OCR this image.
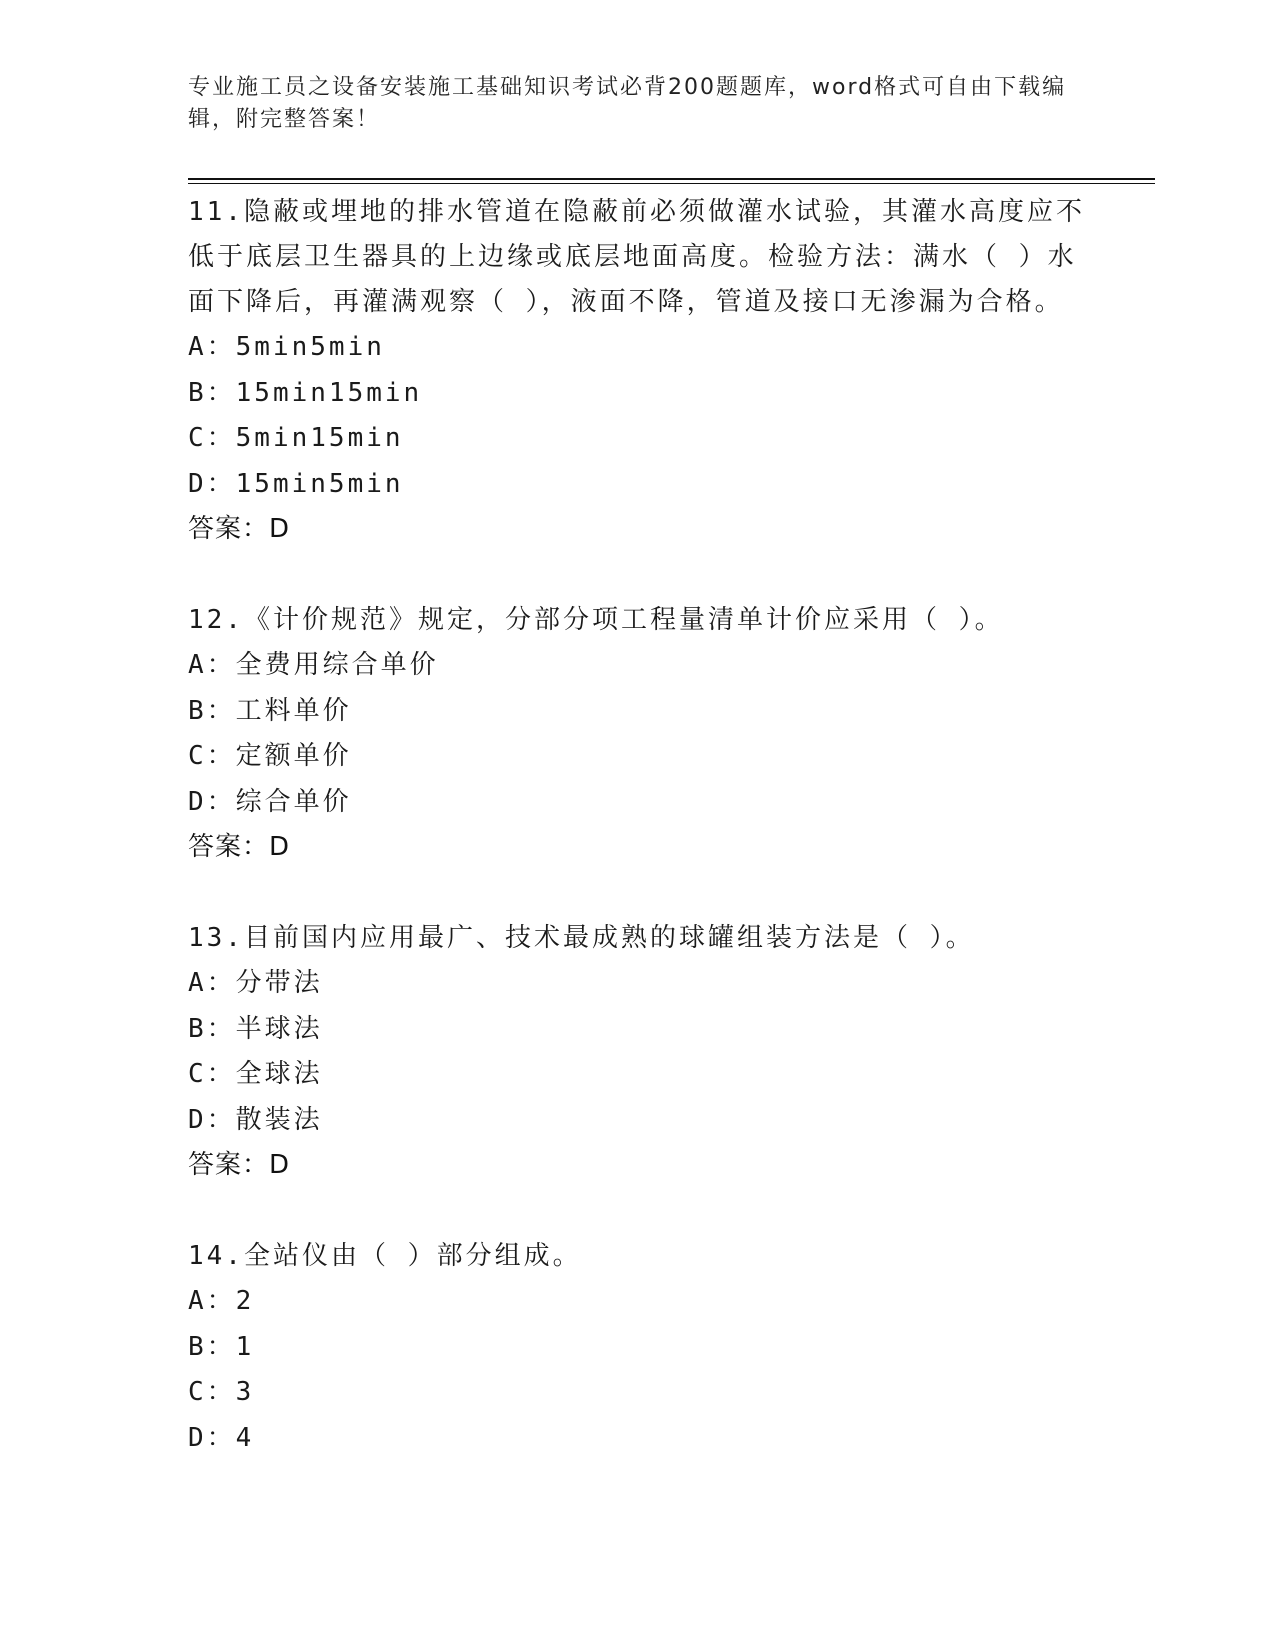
专业施工员之设备安装施工基础知识考试必背200题题库，word格式可自由下载编辑，附完整答案！

11.隐蔽或埋地的排水管道在隐蔽前必须做灌水试验，其灌水高度应不低于底层卫生器具的上边缘或底层地面高度。检验方法：满水（ ）水面下降后，再灌满观察（ ），液面不降，管道及接口无渗漏为合格。

A：5min5min

B：15min15min

C：5min15min

D：15min5min

答案：D

12.《计价规范》规定，分部分项工程量清单计价应采用（ ）。

A：全费用综合单价

B：工料单价

C：定额单价

D：综合单价

答案：D

13.目前国内应用最广、技术最成熟的球罐组装方法是（ ）。

A：分带法

B：半球法

C：全球法

D：散装法

答案：D

14.全站仪由（ ）部分组成。

A：2

B：1

C：3

D：4
